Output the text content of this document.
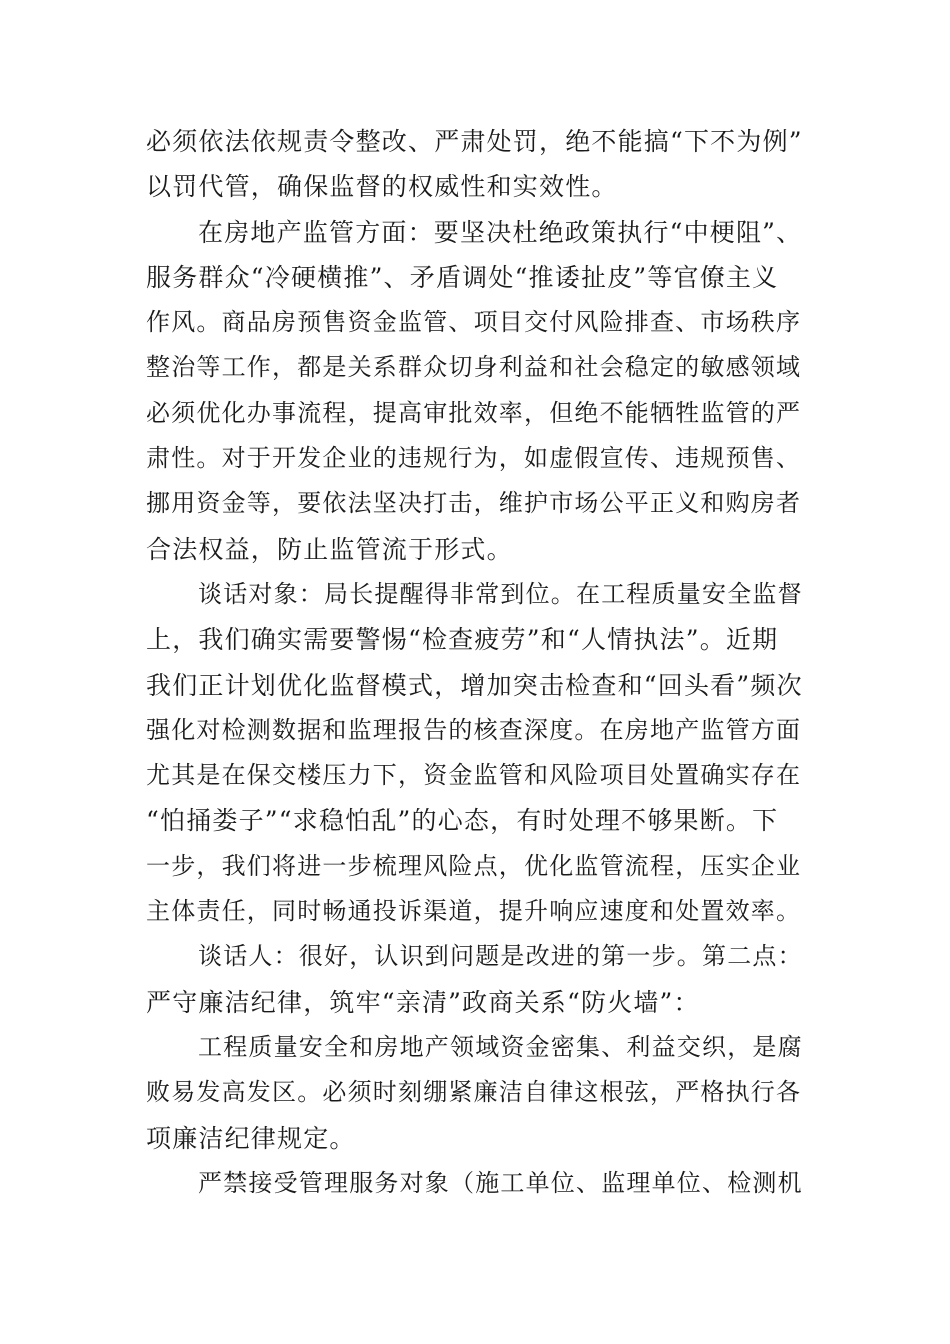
必须依法依规责令整改、严肃处罚，绝不能搞“下不为例”
以罚代管，确保监督的权威性和实效性。
在房地产监管方面：要坚决杜绝政策执行“中梗阻”、
服务群众“冷硬横推”、矛盾调处“推诿扯皮”等官僚主义
作风。商品房预售资金监管、项目交付风险排查、市场秩序
整治等工作，都是关系群众切身利益和社会稳定的敏感领域
必须优化办事流程，提高审批效率，但绝不能牺牲监管的严
肃性。对于开发企业的违规行为，如虚假宣传、违规预售、
挪用资金等，要依法坚决打击，维护市场公平正义和购房者
合法权益，防止监管流于形式。
谈话对象：局长提醒得非常到位。在工程质量安全监督
上，我们确实需要警惕“检查疲劳”和“人情执法”。近期
我们正计划优化监督模式，增加突击检查和“回头看”频次
强化对检测数据和监理报告的核查深度。在房地产监管方面
尤其是在保交楼压力下，资金监管和风险项目处置确实存在
“怕捅娄子”“求稳怕乱”的心态，有时处理不够果断。下
一步，我们将进一步梳理风险点，优化监管流程，压实企业
主体责任，同时畅通投诉渠道，提升响应速度和处置效率。
谈话人：很好，认识到问题是改进的第一步。第二点：
严守廉洁纪律，筑牢“亲清”政商关系“防火墙”：
工程质量安全和房地产领域资金密集、利益交织，是腐
败易发高发区。必须时刻绷紧廉洁自律这根弦，严格执行各
项廉洁纪律规定。
严禁接受管理服务对象（施工单位、监理单位、检测机
